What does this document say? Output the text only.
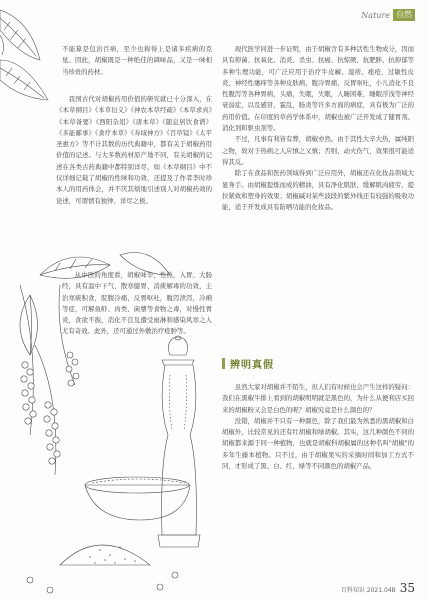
Nature 自然

不能算是包治百病，至少也称得上是诸多疾病的克星。因此，胡椒既是一种绝佳的调味品，又是一味相当珍贵的药材。

我国古代对胡椒药用价值的研究就已十分深入，在《本草纲目》《本草衍义》《神农本草经疏》《本草求真》《本草备要》《西阳杂俎》《唐本草》《随息居饮食谱》《多能鄙事》《食疗本草》《寿域神方》《百草镜》《太平圣惠方》等不计其数的历代典籍中，都有关于胡椒药用价值的记述。与大多数药材原产地不同，有关胡椒的记述在各类古药典籍中都特别详尽，如《本草纲目》中不仅详细记载了胡椒的性味和功效，还提及了作者李时珍本人的用药体会，并不厌其烦地引述别人对胡椒药效的论述，可谓情有独钟、详尽之极。

从中医的角度看，胡椒味辛，性热，入胃、大肠经，具有温中下气、散寒健胃、消痰解毒的功效，主治寒痰积食，脘腹冷痛，反胃呕吐，腹泻泄泻，冷痢等症，可解鱼虾、肉类、菌蕈等食物之毒，对慢性胃炎，食欲不振，消化不良及遭受雨淋和感染风寒之人尤有奇效。此外，还可通过外敷治疗疮肿等。

现代医学同进一步证明，由于胡椒含有多种活性生物成分，因而具有抑菌、抗氧化、消炎、杀虫、抗癌、抗惊厥、抗肥胖、抗抑郁等多种生理功能，可广泛应用于治疗牛皮癣、湿疹、痤疮，过敏性皮炎、神经性瘙痒等各种皮肤病，腹冷胃痛，反胃呕吐，小儿消化不良性腹泻等各种胃病，头痛，失眠，失眠，人睡困难，睡眠浮浅等神经衰弱症，以及感冒，霍乱，肠炎等许多方面的病症，具有极为广泛的药用价值。在印度的草药学体系中，胡椒也被广泛开发成了健胃剂、消化剂和驱虫剂等。

不过，凡事有利皆有弊，胡椒亦然。由于其性大辛大热，属纯阳之物，故对于热病之人应慎之又慎；否则，动火伤气，效果很可能适得其反。

除了在食品和医药领域得到广泛应用外，胡椒还在化妆品领域大显身手。由胡椒提炼而成的精油，具有净化肌肤、缓解肌肉疲劳、提拉紧致和塑身的效果；胡椒碱对某些波段的紫外线还有较强的吸收功能，适于开发成具有防晒功能的化妆品。

辨明真假

虽然大家对胡椒并不陌生，但人们有时候也会产生这样的疑问：我们在黑椒牛排上看到的胡椒明明就是黑色的，为什么从便利店买回来的胡椒粉又会是白色的呢？胡椒究竟是什么颜色的？

没错，胡椒并不只有一种颜色，除了我们最为熟悉的黑胡椒和白胡椒外，比较常见的还有红胡椒和绿胡椒。其实，这几种颜色不同的胡椒都来源于同一种植物，也就是胡椒科胡椒属的这种名叫"胡椒"的多年生藤本植物。只不过，由于胡椒果实的采摘时间和加工方式不同，才形成了黑、白、红、绿等不同颜色的胡椒产品。

百科知识 2021.04B 35
